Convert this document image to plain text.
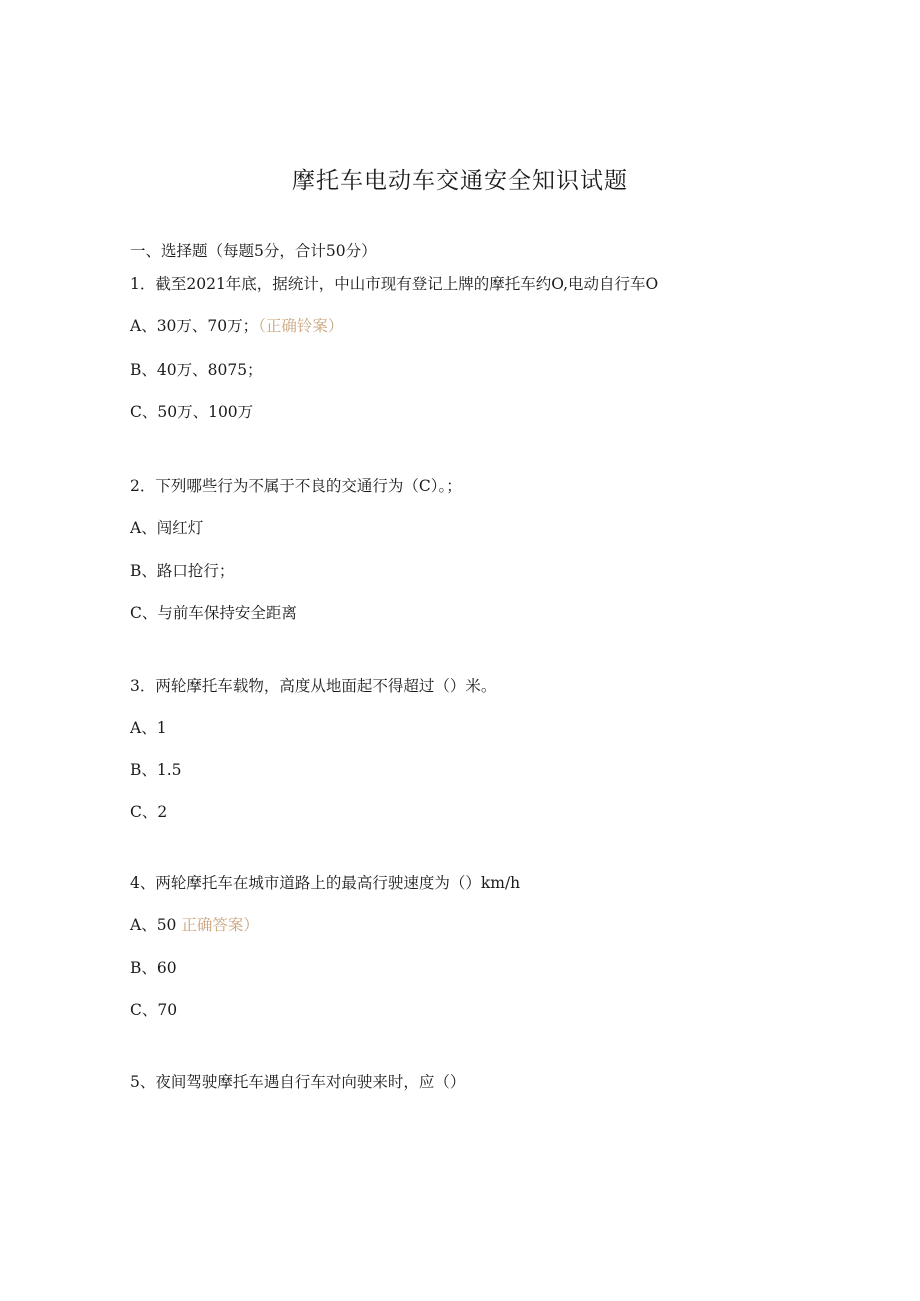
摩托车电动车交通安全知识试题
一、选择题（每题5分，合计50分）
1．截至2021年底，据统计，中山市现有登记上牌的摩托车约O,电动自行车O
A、30万、70万；（正确铃案）
B、40万、8075；
C、50万、100万
2．下列哪些行为不属于不良的交通行为（C）。；
A、闯红灯
B、路口抢行；
C、与前车保持安全距离
3．两轮摩托车载物，高度从地面起不得超过（）米。
A、1
B、1.5
C、2
4、两轮摩托车在城市道路上的最高行驶速度为（）km/h
A、50 正确答案）
B、60
C、70
5、夜间驾驶摩托车遇自行车对向驶来时，应（）
